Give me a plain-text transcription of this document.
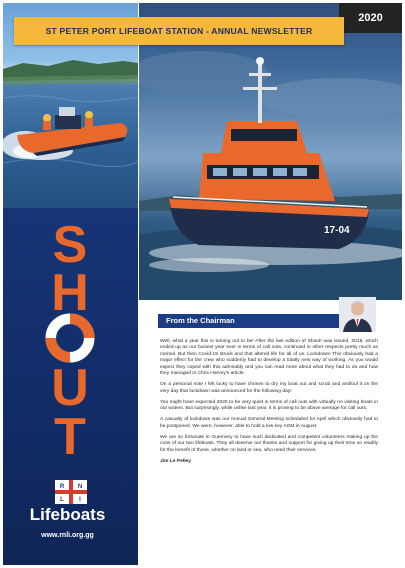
S
H
U
T
R N
L	I
Lifeboats
www.rnli.org.gg
17-04
2020
ST PETER PORT LIFEBOAT STATION - ANNUAL NEWSLETTER
From the Chairman

Well, what a year this is turning out to be! After the last edition of Shout! was issued, 2019, which ended up as our busiest year ever in terms of call outs, continued in other respects pretty much as normal. But then Covid-19 struck and that altered life for all of us. Lockdown! This obviously had a major effect for the crew who suddenly had to develop a totally new way of working. As you would expect they coped with this admirably and you can read more about what they had to do and how they managed in Chris Harvey's article.

On a personal note I felt lucky to have chosen to dry my boat out and scrub and antifoul it on the very day that lockdown was announced for the following day!

You might have expected 2020 to be very quiet in terms of call outs with virtually no visiting boats in our waters. But surprisingly, while unlike last year, it is proving to be above average for call outs.

A casualty of lockdown was our Annual General Meeting scheduled for April which obviously had to be postponed. We were, however, able to hold a low key AGM in August.

We are so fortunate in Guernsey to have such dedicated and competent volunteers making up the crew of our two lifeboats. They all deserve our thanks and support for giving up their time so readily for the benefit of those, whether on land or sea, who need their services.

Jim Le Pelley
